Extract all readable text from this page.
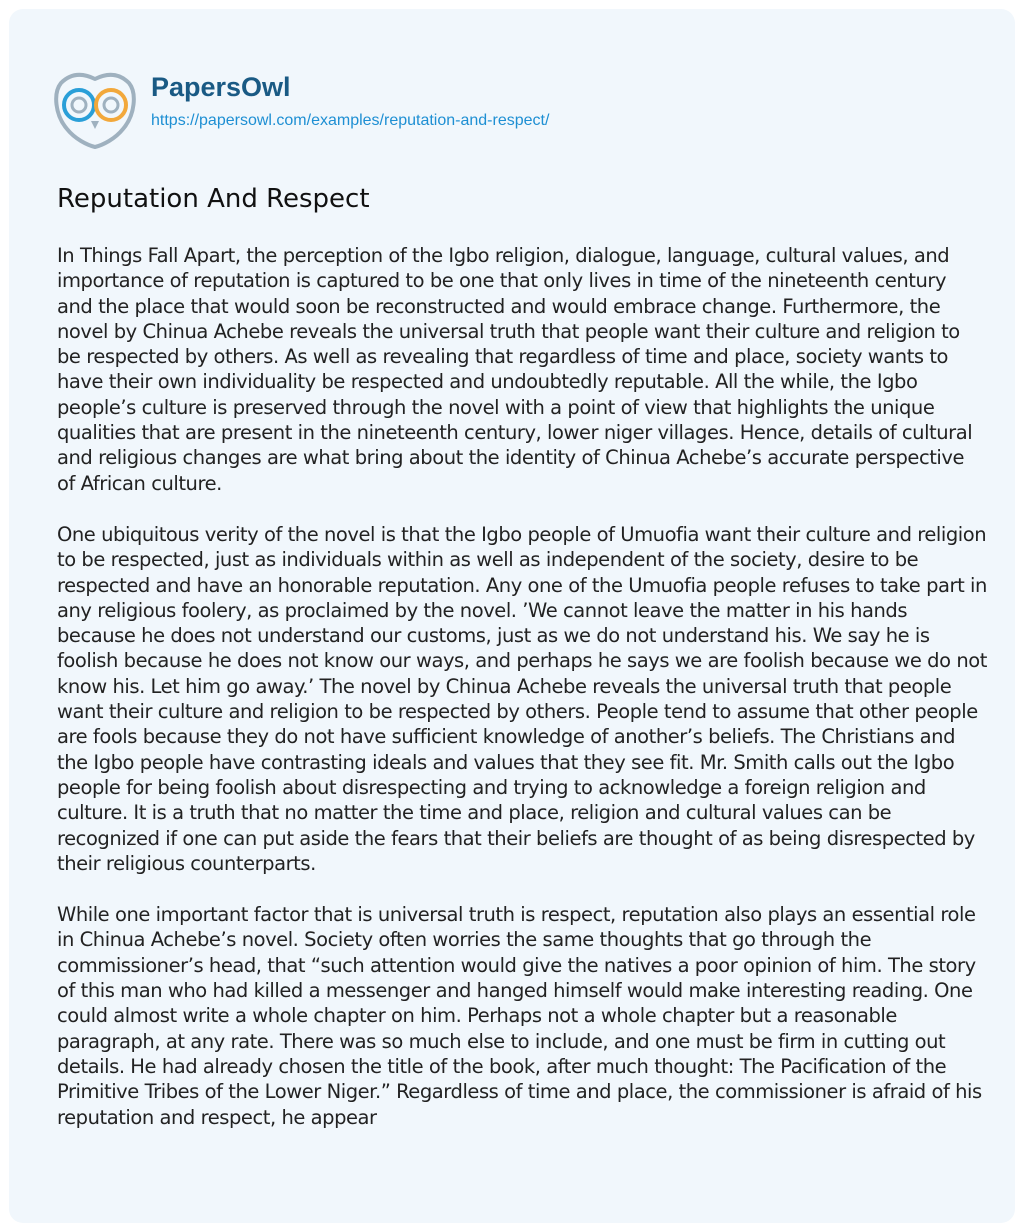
PapersOwl
https://papersowl.com/examples/reputation-and-respect/
Reputation And Respect

In Things Fall Apart, the perception of the Igbo religion, dialogue, language, cultural values, and importance of reputation is captured to be one that only lives in time of the nineteenth century and the place that would soon be reconstructed and would embrace change. Furthermore, the novel by Chinua Achebe reveals the universal truth that people want their culture and religion to be respected by others. As well as revealing that regardless of time and place, society wants to have their own individuality be respected and undoubtedly reputable. All the while, the Igbo people’s culture is preserved through the novel with a point of view that highlights the unique qualities that are present in the nineteenth century, lower niger villages. Hence, details of cultural and religious changes are what bring about the identity of Chinua Achebe’s accurate perspective of African culture.

One ubiquitous verity of the novel is that the Igbo people of Umuofia want their culture and religion to be respected, just as individuals within as well as independent of the society, desire to be respected and have an honorable reputation. Any one of the Umuofia people refuses to take part in any religious foolery, as proclaimed by the novel. ’We cannot leave the matter in his hands because he does not understand our customs, just as we do not understand his. We say he is foolish because he does not know our ways, and perhaps he says we are foolish because we do not know his. Let him go away.’ The novel by Chinua Achebe reveals the universal truth that people want their culture and religion to be respected by others. People tend to assume that other people are fools because they do not have sufficient knowledge of another’s beliefs. The Christians and the Igbo people have contrasting ideals and values that they see fit. Mr. Smith calls out the Igbo people for being foolish about disrespecting and trying to acknowledge a foreign religion and culture. It is a truth that no matter the time and place, religion and cultural values can be recognized if one can put aside the fears that their beliefs are thought of as being disrespected by their religious counterparts.

While one important factor that is universal truth is respect, reputation also plays an essential role in Chinua Achebe’s novel. Society often worries the same thoughts that go through the commissioner’s head, that “such attention would give the natives a poor opinion of him. The story of this man who had killed a messenger and hanged himself would make interesting reading. One could almost write a whole chapter on him. Perhaps not a whole chapter but a reasonable paragraph, at any rate. There was so much else to include, and one must be firm in cutting out details. He had already chosen the title of the book, after much thought: The Pacification of the Primitive Tribes of the Lower Niger.” Regardless of time and place, the commissioner is afraid of his reputation and respect, he appear
